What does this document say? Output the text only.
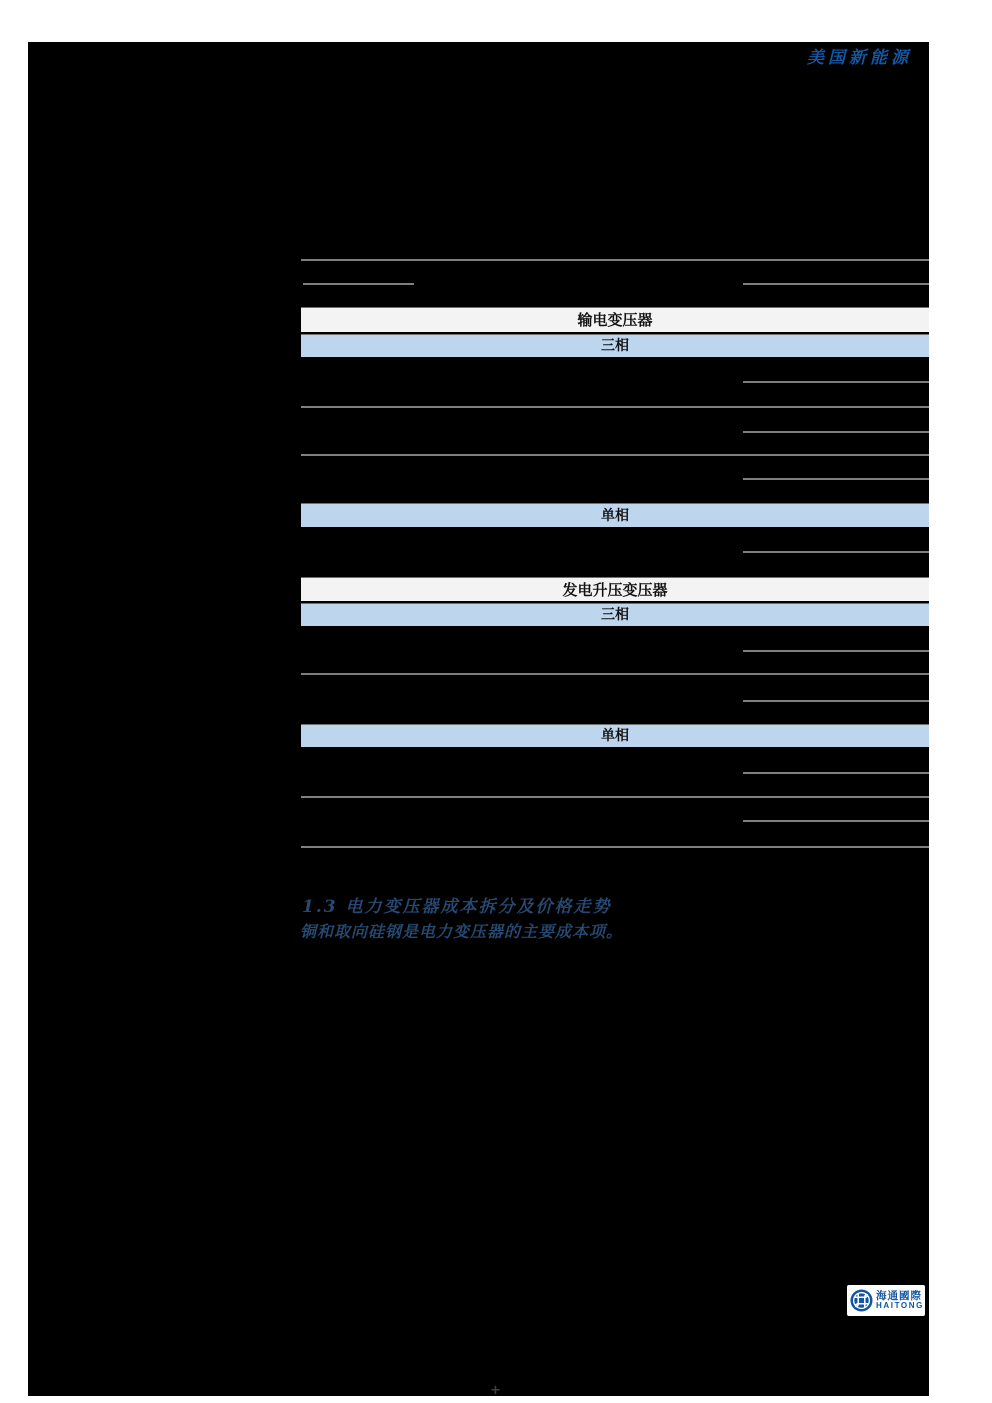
美国新能源
输电变压器
三相
单相
发电升压变压器
三相
单相
1.3 电力变压器成本拆分及价格走势
铜和取向硅钢是电力变压器的主要成本项。
+
海通國際
HAITONG
